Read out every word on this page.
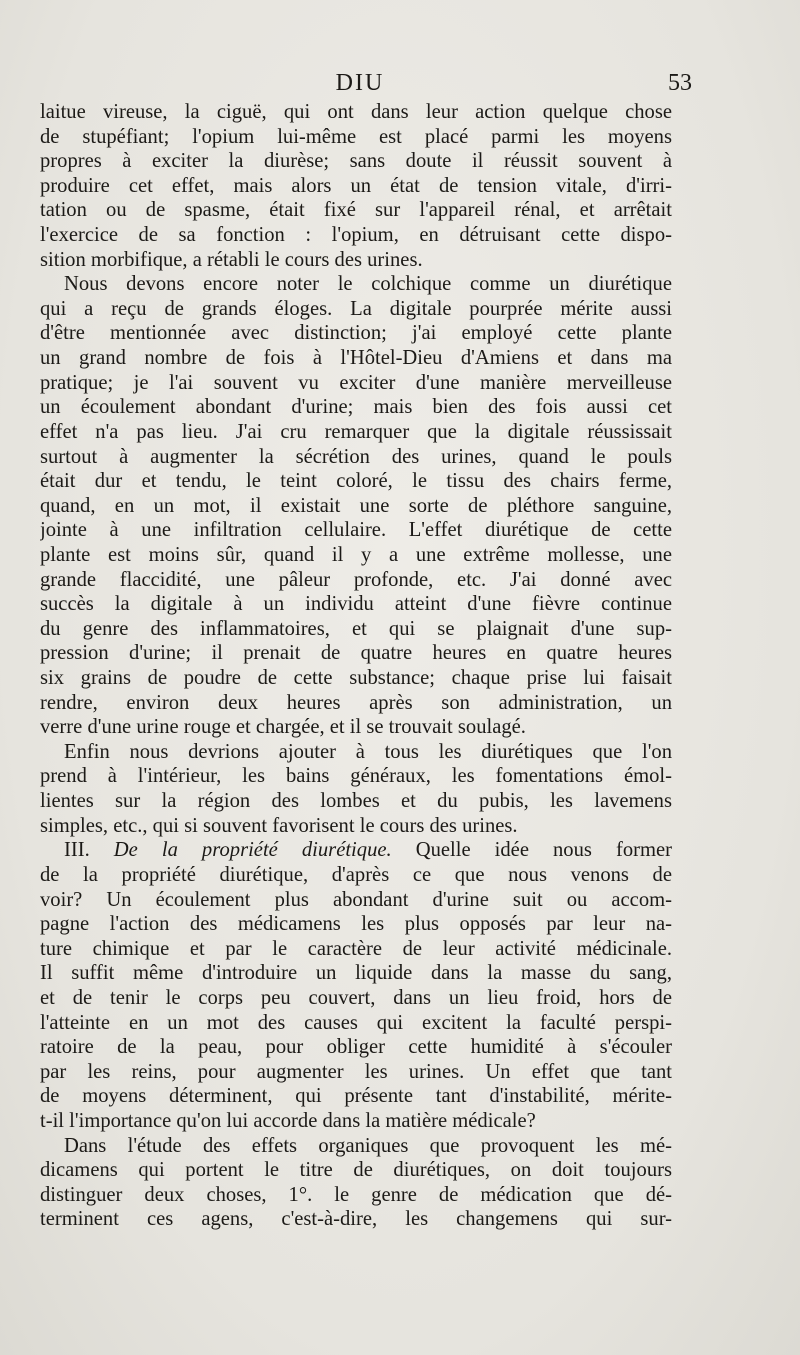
DIU	53
laitue vireuse, la ciguë, qui ont dans leur action quelque chose
de stupéfiant; l'opium lui-même est placé parmi les moyens
propres à exciter la diurèse; sans doute il réussit souvent à
produire cet effet, mais alors un état de tension vitale, d'irri-
tation ou de spasme, était fixé sur l'appareil rénal, et arrêtait
l'exercice de sa fonction : l'opium, en détruisant cette dispo-
sition morbifique, a rétabli le cours des urines.
Nous devons encore noter le colchique comme un diurétique
qui a reçu de grands éloges. La digitale pourprée mérite aussi
d'être mentionnée avec distinction; j'ai employé cette plante
un grand nombre de fois à l'Hôtel-Dieu d'Amiens et dans ma
pratique; je l'ai souvent vu exciter d'une manière merveilleuse
un écoulement abondant d'urine; mais bien des fois aussi cet
effet n'a pas lieu. J'ai cru remarquer que la digitale réussissait
surtout à augmenter la sécrétion des urines, quand le pouls
était dur et tendu, le teint coloré, le tissu des chairs ferme,
quand, en un mot, il existait une sorte de pléthore sanguine,
jointe à une infiltration cellulaire. L'effet diurétique de cette
plante est moins sûr, quand il y a une extrême mollesse, une
grande flaccidité, une pâleur profonde, etc. J'ai donné avec
succès la digitale à un individu atteint d'une fièvre continue
du genre des inflammatoires, et qui se plaignait d'une sup-
pression d'urine; il prenait de quatre heures en quatre heures
six grains de poudre de cette substance; chaque prise lui faisait
rendre, environ deux heures après son administration, un
verre d'une urine rouge et chargée, et il se trouvait soulagé.
Enfin nous devrions ajouter à tous les diurétiques que l'on
prend à l'intérieur, les bains généraux, les fomentations émol-
lientes sur la région des lombes et du pubis, les lavemens
simples, etc., qui si souvent favorisent le cours des urines.
III. De la propriété diurétique. Quelle idée nous former
de la propriété diurétique, d'après ce que nous venons de
voir? Un écoulement plus abondant d'urine suit ou accom-
pagne l'action des médicamens les plus opposés par leur na-
ture chimique et par le caractère de leur activité médicinale.
Il suffit même d'introduire un liquide dans la masse du sang,
et de tenir le corps peu couvert, dans un lieu froid, hors de
l'atteinte en un mot des causes qui excitent la faculté perspi-
ratoire de la peau, pour obliger cette humidité à s'écouler
par les reins, pour augmenter les urines. Un effet que tant
de moyens déterminent, qui présente tant d'instabilité, mérite-
t-il l'importance qu'on lui accorde dans la matière médicale?
Dans l'étude des effets organiques que provoquent les mé-
dicamens qui portent le titre de diurétiques, on doit toujours
distinguer deux choses, 1°. le genre de médication que dé-
terminent ces agens, c'est-à-dire, les changemens qui sur-
